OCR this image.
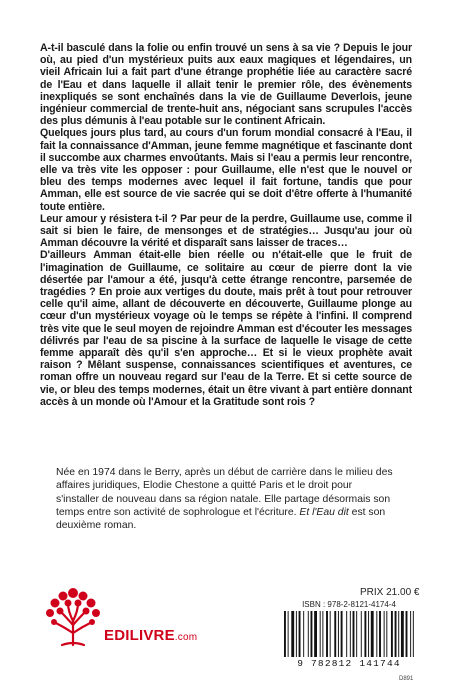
A-t-il basculé dans la folie ou enfin trouvé un sens à sa vie ? Depuis le jour où, au pied d'un mystérieux puits aux eaux magiques et légendaires, un vieil Africain lui a fait part d'une étrange prophétie liée au caractère sacré de l'Eau et dans laquelle il allait tenir le premier rôle, des évènements inexpliqués se sont enchaînés dans la vie de Guillaume Deverlois, jeune ingénieur commercial de trente-huit ans, négociant sans scrupules l'accès des plus démunis à l'eau potable sur le continent Africain.

Quelques jours plus tard, au cours d'un forum mondial consacré à l'Eau, il fait la connaissance d'Amman, jeune femme magnétique et fascinante dont il succombe aux charmes envoûtants. Mais si l'eau a permis leur rencontre, elle va très vite les opposer : pour Guillaume, elle n'est que le nouvel or bleu des temps modernes avec lequel il fait fortune, tandis que pour Amman, elle est source de vie sacrée qui se doit d'être offerte à l'humanité toute entière.

Leur amour y résistera t-il ? Par peur de la perdre, Guillaume use, comme il sait si bien le faire, de mensonges et de stratégies… Jusqu'au jour où Amman découvre la vérité et disparaît sans laisser de traces…

D'ailleurs Amman était-elle bien réelle ou n'était-elle que le fruit de l'imagination de Guillaume, ce solitaire au cœur de pierre dont la vie désertée par l'amour a été, jusqu'à cette étrange rencontre, parsemée de tragédies ? En proie aux vertiges du doute, mais prêt à tout pour retrouver celle qu'il aime, allant de découverte en découverte, Guillaume plonge au cœur d'un mystérieux voyage où le temps se répète à l'infini. Il comprend très vite que le seul moyen de rejoindre Amman est d'écouter les messages délivrés par l'eau de sa piscine à la surface de laquelle le visage de cette femme apparaît dès qu'il s'en approche… Et si le vieux prophète avait raison ? Mêlant suspense, connaissances scientifiques et aventures, ce roman offre un nouveau regard sur l'eau de la Terre. Et si cette source de vie, or bleu des temps modernes, était un être vivant à part entière donnant accès à un monde où l'Amour et la Gratitude sont rois ?

Née en 1974 dans le Berry, après un début de carrière dans le milieu des affaires juridiques, Elodie Chestone a quitté Paris et le droit pour s'installer de nouveau dans sa région natale. Elle partage désormais son temps entre son activité de sophrologue et l'écriture. Et l'Eau dit est son deuxième roman.
EDILIVRE.com
PRIX 21.00 €
ISBN : 978-2-8121-4174-4
9 782812 141744
D891
